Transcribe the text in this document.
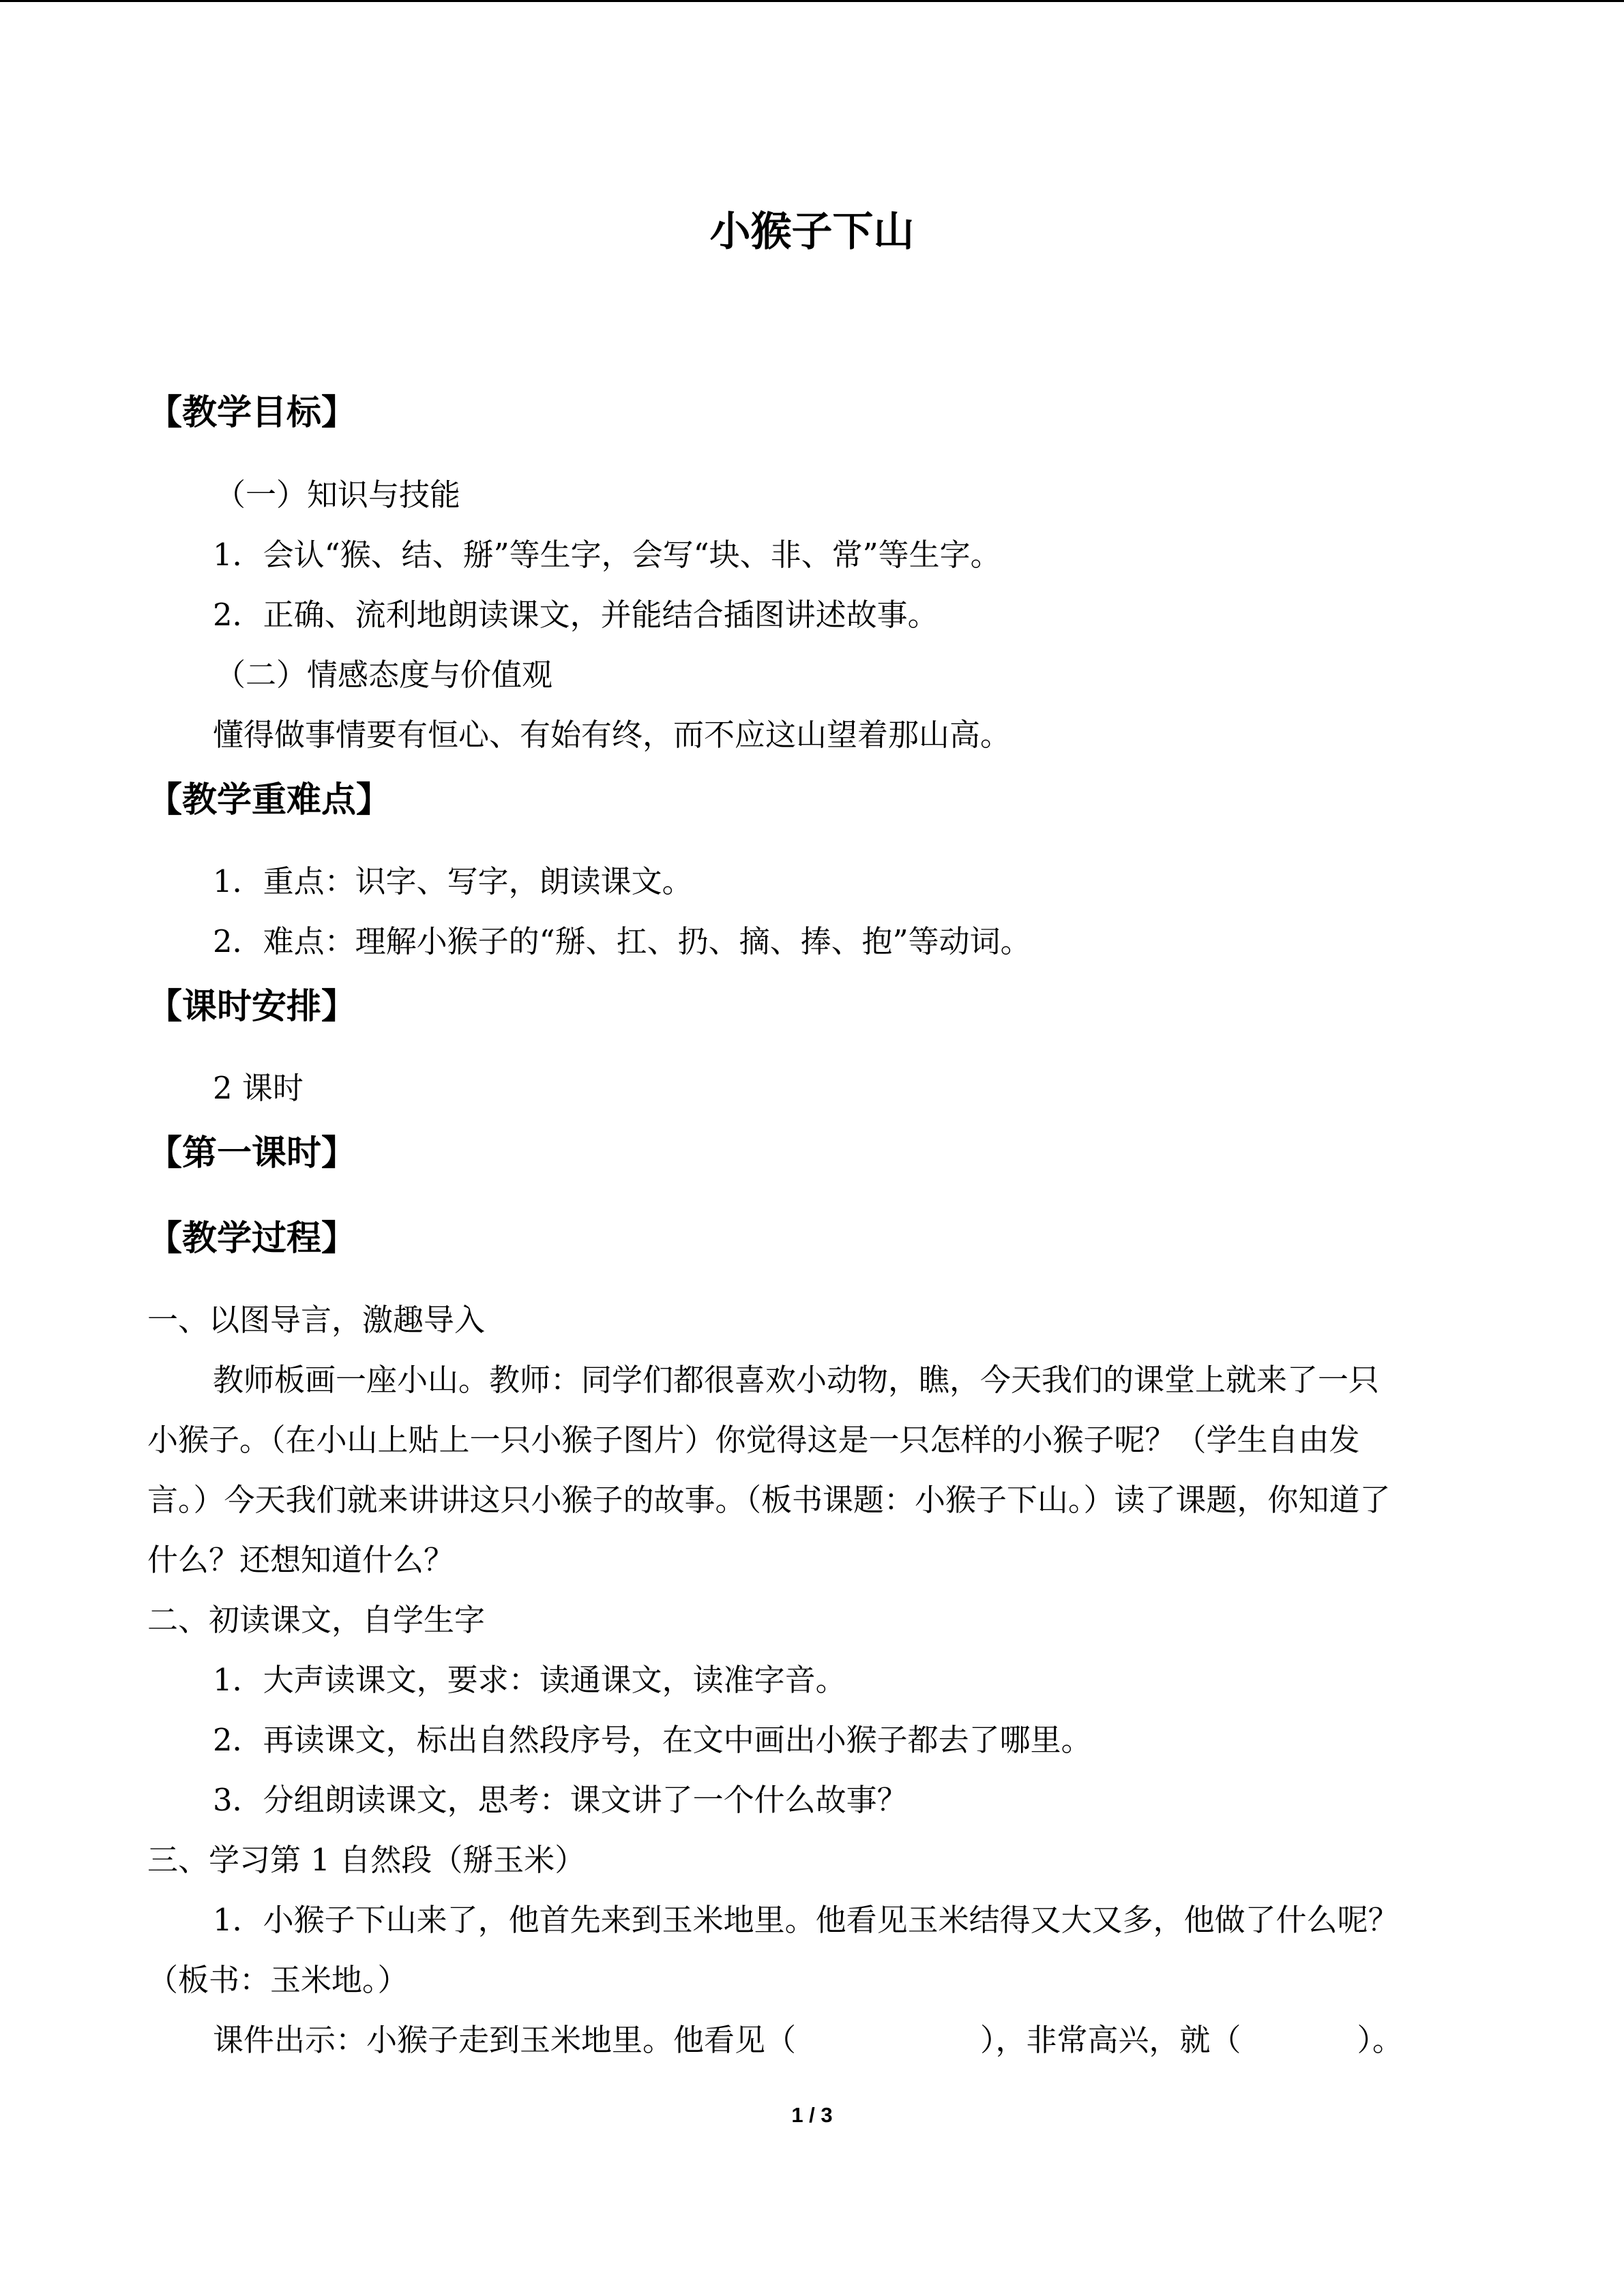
小猴子下山
【教学目标】
（一）知识与技能
1．会认“猴、结、掰”等生字，会写“块、非、常”等生字。
2．正确、流利地朗读课文，并能结合插图讲述故事。
（二）情感态度与价值观
懂得做事情要有恒心、有始有终，而不应这山望着那山高。
【教学重难点】
1．重点：识字、写字，朗读课文。
2．难点：理解小猴子的“掰、扛、扔、摘、捧、抱”等动词。
【课时安排】
2 课时
【第一课时】
【教学过程】
一、以图导言，激趣导入
教师板画一座小山。教师：同学们都很喜欢小动物，瞧，今天我们的课堂上就来了一只
小猴子。（在小山上贴上一只小猴子图片）你觉得这是一只怎样的小猴子呢？（学生自由发
言。）今天我们就来讲讲这只小猴子的故事。（板书课题：小猴子下山。）读了课题，你知道了
什么？还想知道什么？
二、初读课文，自学生字
1．大声读课文，要求：读通课文，读准字音。
2．再读课文，标出自然段序号，在文中画出小猴子都去了哪里。
3．分组朗读课文，思考：课文讲了一个什么故事？
三、学习第 1 自然段（掰玉米）
1．小猴子下山来了，他首先来到玉米地里。他看见玉米结得又大又多，他做了什么呢？
（板书：玉米地。）
课件出示：小猴子走到玉米地里。他看见（	），非常高兴，就（	）。
1 / 3
